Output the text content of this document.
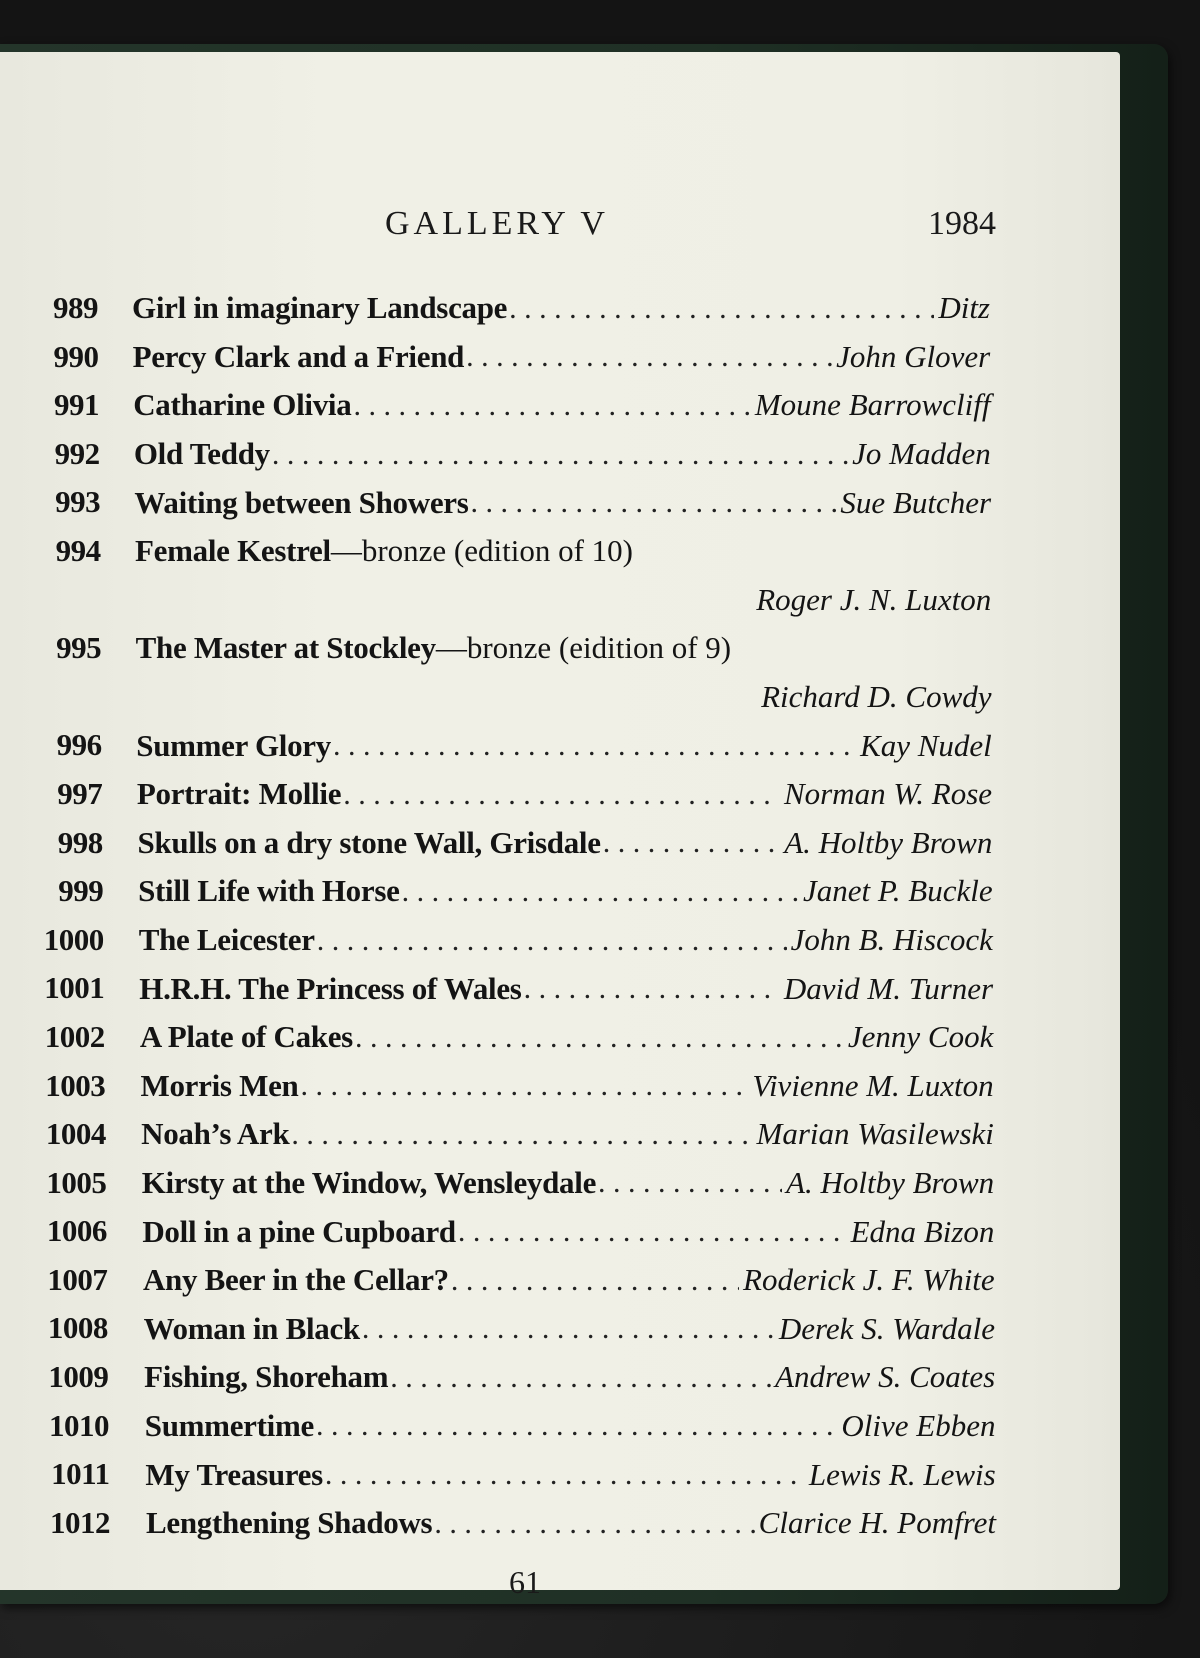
GALLERY V	1984
989 Girl in imaginary Landscape . . .	Ditz
990 Percy Clark and a Friend . . .	John Glover
991 Catharine Olivia . . .	Moune Barrowcliff
992 Old Teddy . . .	Jo Madden
993 Waiting between Showers . . .	Sue Butcher
994 Female Kestrel —bronze (edition of 10)
Roger J. N. Luxton
995 The Master at Stockley —bronze (eidition of 9)
Richard D. Cowdy
996 Summer Glory . . .	Kay Nudel
997 Portrait: Mollie . . .	Norman W. Rose
998 Skulls on a dry stone Wall, Grisdale . . .	A. Holtby Brown
999 Still Life with Horse . . .	Janet P. Buckle
1000 The Leicester . . .	John B. Hiscock
1001 H.R.H. The Princess of Wales . . .	David M. Turner
1002 A Plate of Cakes . . .	Jenny Cook
1003 Morris Men . . .	Vivienne M. Luxton
1004 Noah’s Ark . . .	Marian Wasilewski
1005 Kirsty at the Window, Wensleydale . . .	A. Holtby Brown
1006 Doll in a pine Cupboard . . .	Edna Bizon
1007 Any Beer in the Cellar? . . .	Roderick J. F. White
1008 Woman in Black . . .	Derek S. Wardale
1009 Fishing, Shoreham . . .	Andrew S. Coates
1010 Summertime . . .	Olive Ebben
1011 My Treasures . . .	Lewis R. Lewis
1012 Lengthening Shadows . . .	Clarice H. Pomfret
61
